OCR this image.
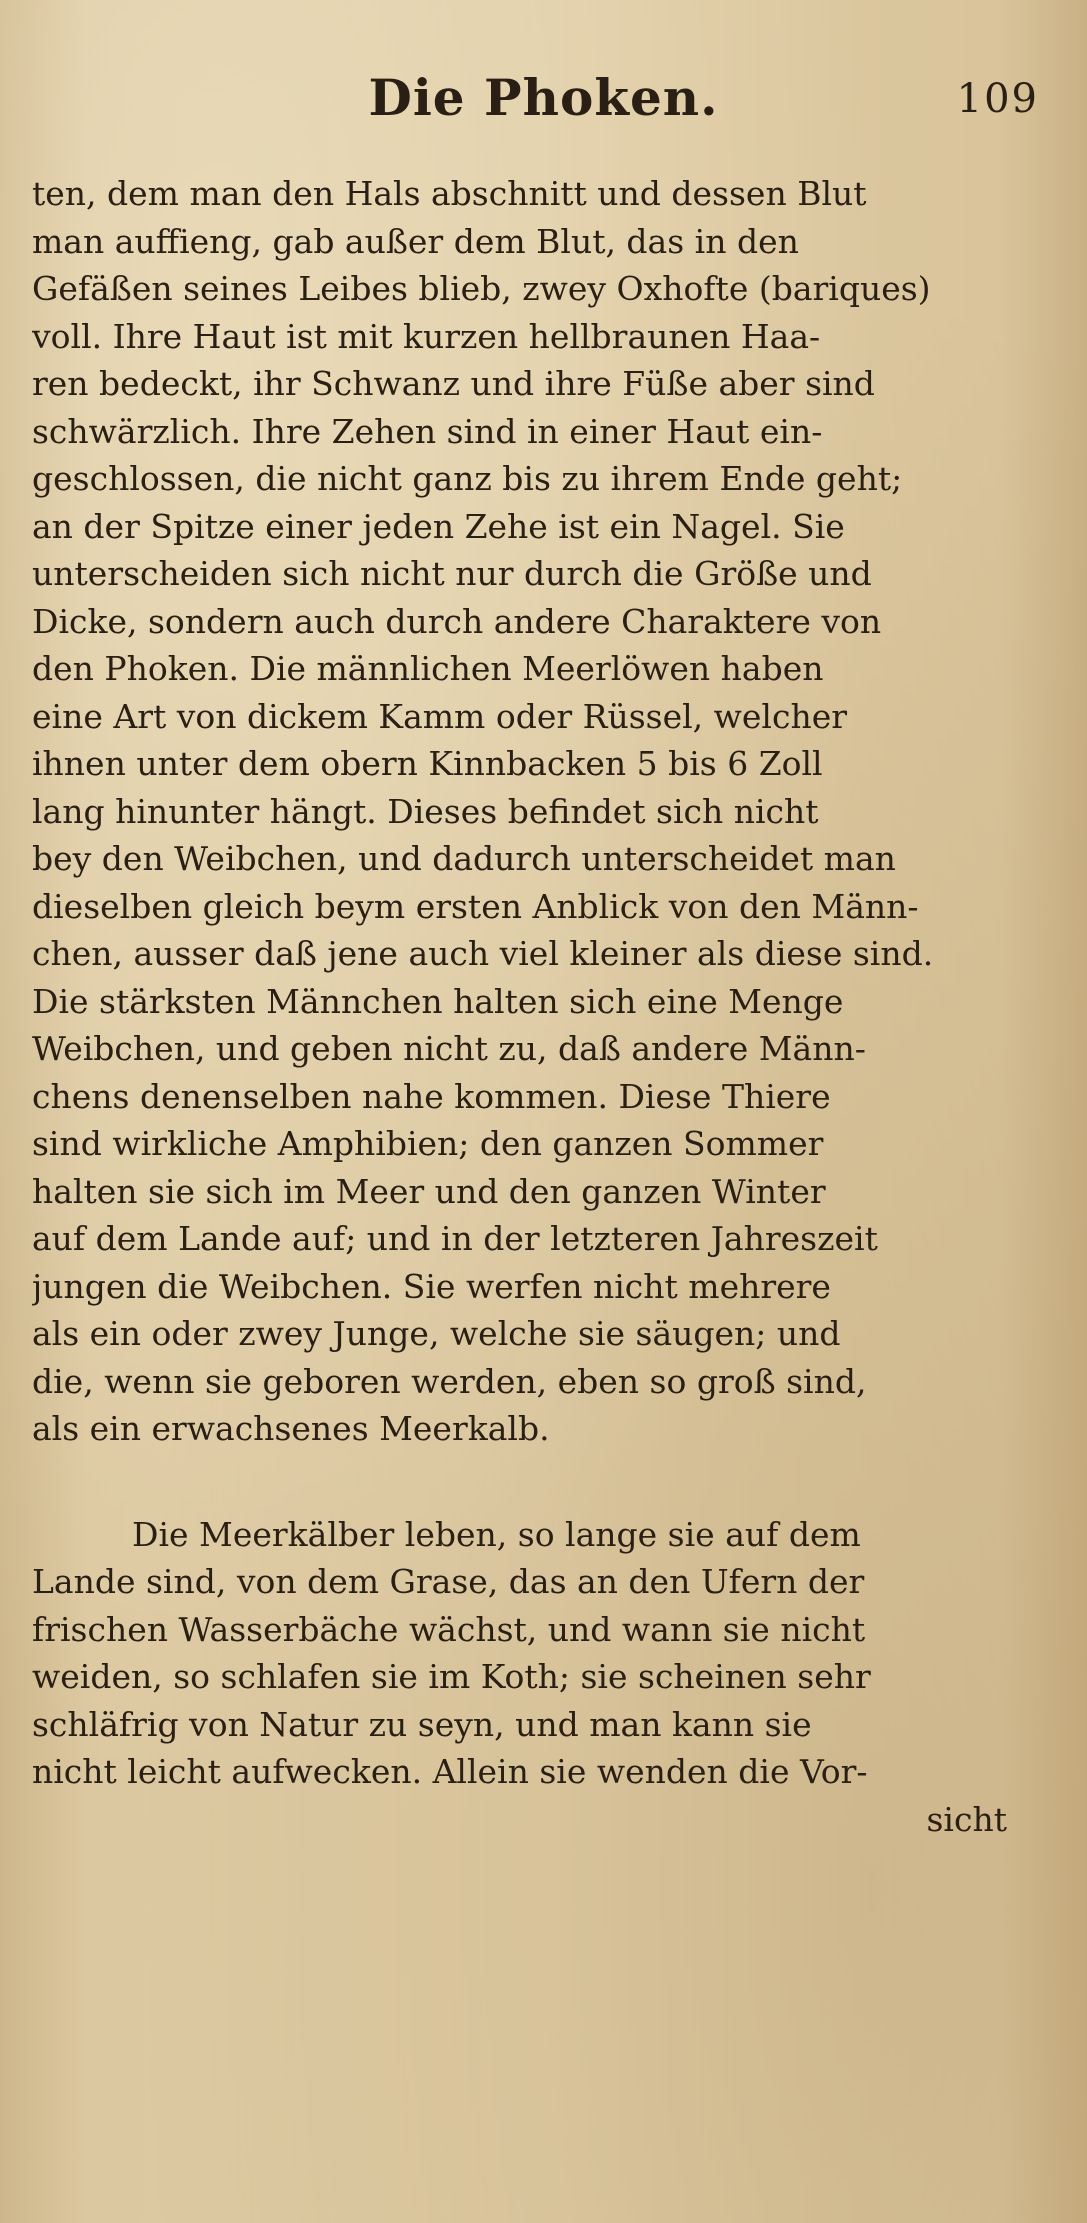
Die Phoken.	109
ten, dem man den Hals abschnitt und dessen Blut
man auffieng, gab außer dem Blut, das in den
Gefäßen seines Leibes blieb, zwey Oxhofte (bariques)
voll. Ihre Haut ist mit kurzen hellbraunen Haa-
ren bedeckt, ihr Schwanz und ihre Füße aber sind
schwärzlich. Ihre Zehen sind in einer Haut ein-
geschlossen, die nicht ganz bis zu ihrem Ende geht;
an der Spitze einer jeden Zehe ist ein Nagel. Sie
unterscheiden sich nicht nur durch die Größe und
Dicke, sondern auch durch andere Charaktere von
den Phoken. Die männlichen Meerlöwen haben
eine Art von dickem Kamm oder Rüssel, welcher
ihnen unter dem obern Kinnbacken 5 bis 6 Zoll
lang hinunter hängt. Dieses befindet sich nicht
bey den Weibchen, und dadurch unterscheidet man
dieselben gleich beym ersten Anblick von den Männ-
chen, ausser daß jene auch viel kleiner als diese sind.
Die stärksten Männchen halten sich eine Menge
Weibchen, und geben nicht zu, daß andere Männ-
chens denenselben nahe kommen. Diese Thiere
sind wirkliche Amphibien; den ganzen Sommer
halten sie sich im Meer und den ganzen Winter
auf dem Lande auf; und in der letzteren Jahreszeit
jungen die Weibchen. Sie werfen nicht mehrere
als ein oder zwey Junge, welche sie säugen; und
die, wenn sie geboren werden, eben so groß sind,
als ein erwachsenes Meerkalb.
Die Meerkälber leben, so lange sie auf dem
Lande sind, von dem Grase, das an den Ufern der
frischen Wasserbäche wächst, und wann sie nicht
weiden, so schlafen sie im Koth; sie scheinen sehr
schläfrig von Natur zu seyn, und man kann sie
nicht leicht aufwecken. Allein sie wenden die Vor-
sicht
